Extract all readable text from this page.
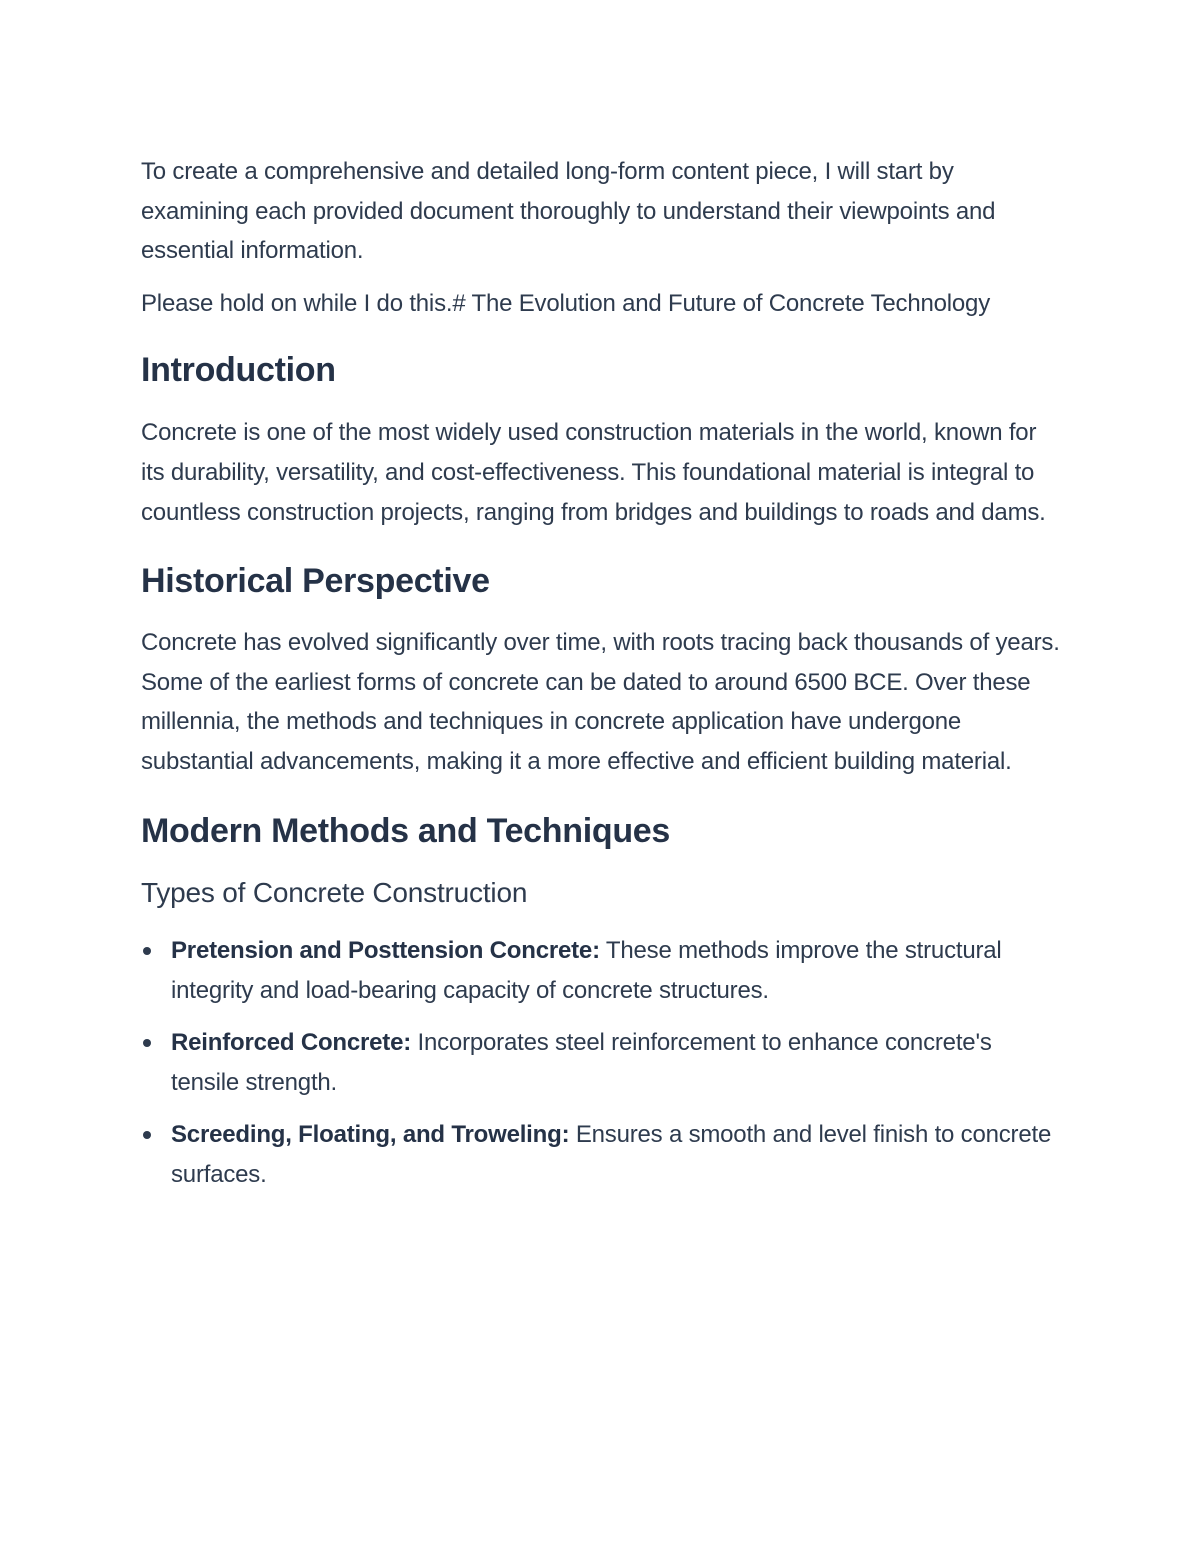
To create a comprehensive and detailed long-form content piece, I will start by examining each provided document thoroughly to understand their viewpoints and essential information.

Please hold on while I do this.# The Evolution and Future of Concrete Technology

Introduction

Concrete is one of the most widely used construction materials in the world, known for its durability, versatility, and cost-effectiveness. This foundational material is integral to countless construction projects, ranging from bridges and buildings to roads and dams.

Historical Perspective

Concrete has evolved significantly over time, with roots tracing back thousands of years. Some of the earliest forms of concrete can be dated to around 6500 BCE. Over these millennia, the methods and techniques in concrete application have undergone substantial advancements, making it a more effective and efficient building material.

Modern Methods and Techniques
Types of Concrete Construction
Pretension and Posttension Concrete: These methods improve the structural integrity and load-bearing capacity of concrete structures.
Reinforced Concrete: Incorporates steel reinforcement to enhance concrete's tensile strength.
Screeding, Floating, and Troweling: Ensures a smooth and level finish to concrete surfaces.
